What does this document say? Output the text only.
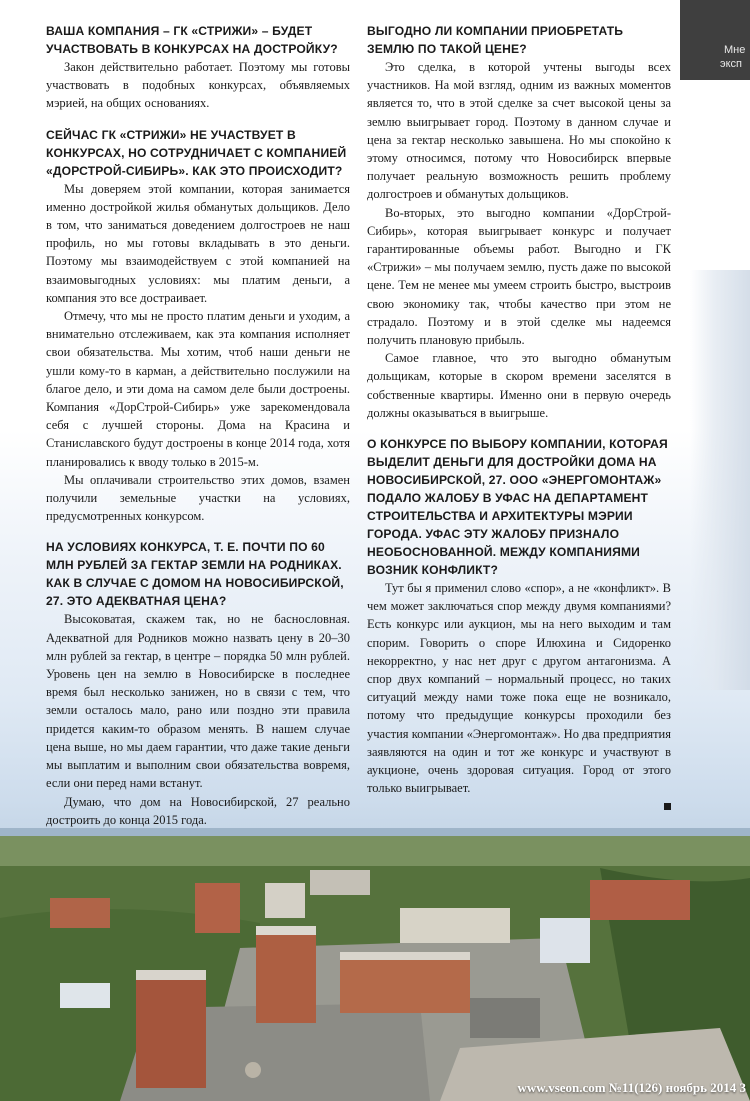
Мне
эксп
ВАША КОМПАНИЯ – ГК «СТРИЖИ» – БУДЕТ УЧАСТВОВАТЬ В КОНКУРСАХ НА ДОСТРОЙКУ?

Закон действительно работает. Поэтому мы готовы участвовать в подобных конкурсах, объявляемых мэрией, на общих основаниях.

СЕЙЧАС ГК «СТРИЖИ» НЕ УЧАСТВУЕТ В КОНКУРСАХ, НО СОТРУДНИЧАЕТ С КОМПАНИЕЙ «ДОРСТРОЙ-СИБИРЬ». КАК ЭТО ПРОИСХОДИТ?

Мы доверяем этой компании, которая занимается именно достройкой жилья обманутых дольщиков. Дело в том, что заниматься доведением долгостроев не наш профиль, но мы готовы вкладывать в это деньги. Поэтому мы взаимодействуем с этой компанией на взаимовыгодных условиях: мы платим деньги, а компания это все достраивает.

Отмечу, что мы не просто платим деньги и уходим, а внимательно отслеживаем, как эта компания исполняет свои обязательства. Мы хотим, чтоб наши деньги не ушли кому-то в карман, а действительно послужили на благое дело, и эти дома на самом деле были достроены. Компания «ДорСтрой-Сибирь» уже зарекомендовала себя с лучшей стороны. Дома на Красина и Станиславского будут достроены в конце 2014 года, хотя планировались к вводу только в 2015-м.

Мы оплачивали строительство этих домов, взамен получили земельные участки на условиях, предусмотренных конкурсом.

НА УСЛОВИЯХ КОНКУРСА, Т. Е. ПОЧТИ ПО 60 МЛН РУБЛЕЙ ЗА ГЕКТАР ЗЕМЛИ НА РОДНИКАХ. КАК В СЛУЧАЕ С ДОМОМ НА НОВОСИБИРСКОЙ, 27. ЭТО АДЕКВАТНАЯ ЦЕНА?

Высоковатая, скажем так, но не баснословная. Адекватной для Родников можно назвать цену в 20–30 млн рублей за гектар, в центре – порядка 50 млн рублей. Уровень цен на землю в Новосибирске в последнее время был несколько занижен, но в связи с тем, что земли осталось мало, рано или поздно эти правила придется каким-то образом менять. В нашем случае цена выше, но мы даем гарантии, что даже такие деньги мы выплатим и выполним свои обязательства вовремя, если они перед нами встанут.

Думаю, что дом на Новосибирской, 27 реально достроить до конца 2015 года.

ВЫГОДНО ЛИ КОМПАНИИ ПРИОБРЕТАТЬ ЗЕМЛЮ ПО ТАКОЙ ЦЕНЕ?

Это сделка, в которой учтены выгоды всех участников. На мой взгляд, одним из важных моментов является то, что в этой сделке за счет высокой цены за землю выигрывает город. Поэтому в данном случае и цена за гектар несколько завышена. Но мы спокойно к этому относимся, потому что Новосибирск впервые получает реальную возможность решить проблему долгостроев и обманутых дольщиков.

Во-вторых, это выгодно компании «ДорСтрой-Сибирь», которая выигрывает конкурс и получает гарантированные объемы работ. Выгодно и ГК «Стрижи» – мы получаем землю, пусть даже по высокой цене. Тем не менее мы умеем строить быстро, выстроив свою экономику так, чтобы качество при этом не страдало. Поэтому и в этой сделке мы надеемся получить плановую прибыль.

Самое главное, что это выгодно обманутым дольщикам, которые в скором времени заселятся в собственные квартиры. Именно они в первую очередь должны оказываться в выигрыше.

О КОНКУРСЕ ПО ВЫБОРУ КОМПАНИИ, КОТОРАЯ ВЫДЕЛИТ ДЕНЬГИ ДЛЯ ДОСТРОЙКИ ДОМА НА НОВОСИБИРСКОЙ, 27. ООО «ЭНЕРГОМОНТАЖ» ПОДАЛО ЖАЛОБУ В УФАС НА ДЕПАРТАМЕНТ СТРОИТЕЛЬСТВА И АРХИТЕКТУРЫ МЭРИИ ГОРОДА. УФАС ЭТУ ЖАЛОБУ ПРИЗНАЛО НЕОБОСНОВАННОЙ. МЕЖДУ КОМПАНИЯМИ ВОЗНИК КОНФЛИКТ?

Тут бы я применил слово «спор», а не «конфликт». В чем может заключаться спор между двумя компаниями? Есть конкурс или аукцион, мы на него выходим и там спорим. Говорить о споре Илюхина и Сидоренко некорректно, у нас нет друг с другом антагонизма. А спор двух компаний – нормальный процесс, но таких ситуаций между нами тоже пока еще не возникало, потому что предыдущие конкурсы проходили без участия компании «Энергомонтаж». Но два предприятия заявляются на один и тот же конкурс и участвуют в аукционе, очень здоровая ситуация. Город от этого только выигрывает.

www.vseon.com №11(126) ноябрь 2014 3
